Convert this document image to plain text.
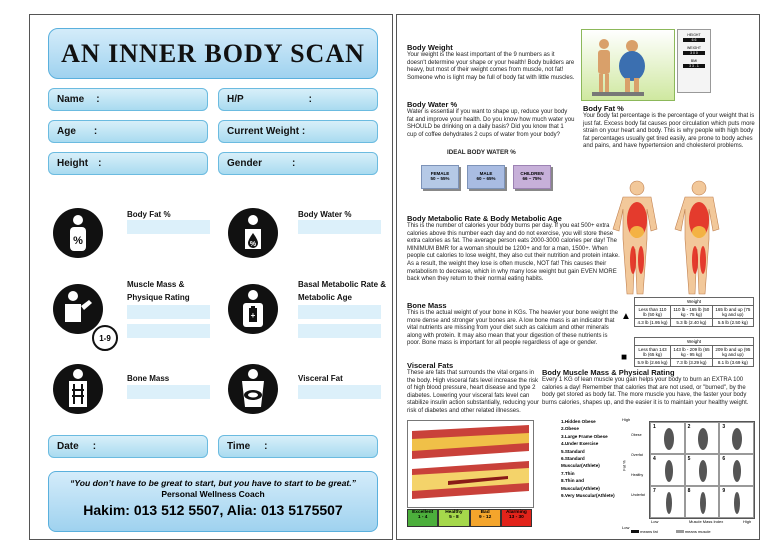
AN INNER BODY SCAN
Name :	H/P	:
Age :	Current Weight :
Height :	Gender	:
%
Body Fat %
%
Body Water %
1-9
Muscle Mass &
Physique Rating
+
Basal Metabolic Rate &
Metabolic Age
Bone Mass	Visceral Fat
Date :	Time :
“You don’t have to be great to start, but you have to start to be great.”
Personal Wellness Coach
Hakim: 013 512 5507, Alia: 013 5175507
Body Weight
Your weight is the least important of the 9 numbers as it doesn't determine your shape or your health! Body builders are heavy, but most of their weight comes from muscle, not fat! Someone who is light may be full of body fat with little muscles.
Body Water %
Water is essential if you want to shape up, reduce your body fat and improve your health. Do you know how much water you SHOULD be drinking on a daily basis? Did you know that 1 cup of coffee dehydrates 2 cups of water from your body?
IDEAL BODY WATER %
FEMALE
50 – 55%
MALE
60 – 65%
CHILDREN
66 – 75%
HEIGHT
6 6
WEIGHT
3 0 0
BMI
3 3 . 1
Body Fat %
Your body fat percentage is the percentage of your weight that is just fat. Excess body fat causes poor circulation which puts more strain on your heart and body. This is why people with high body fat percentages usually get tired easily, are prone to body aches and pains, and have hypertension and cholesterol problems.
Body Metabolic Rate & Body Metabolic Age
This is the number of calories your body burns per day. If you eat 500+ extra calories above this number each day and do not exercise, you will store these extra calories as fat. The average person eats 2000-3000 calories per day! The MINIMUM BMR for a woman should be 1200+ and for a man, 1500+. When people cut calories to lose weight, they also cut their nutrition and protein intake. As a result, the weight they lose is often muscle, NOT fat! This causes their metabolism to decrease, which in why many lose weight but gain EVEN MORE back when they return to their normal eating habits.
Bone Mass
This is the actual weight of your bone in KGs. The heavier your bone weight the more dense and stronger your bones are. A low bone mass is an indicator that vital nutrients are missing from your diet such as calcium and other minerals along with protein. It may also mean that your digestion of these nutrients is poor. Bone mass is important for all people regardless of age or gender.
▲
Weight		
Less than 110 lb (50 kg)	110 lb - 165 lb (50 kg - 75 kg)	165 lb and up (75 kg and up)
4.3 lb (1.95 kg)	5.3 lb (2.40 kg)	5.5 lb (2.50 kg)
■
Weight		
Less than 143 lb (65 kg)	143 lb - 209 lb (65 kg - 95 kg)	209 lb and up (95 kg and up)
5.9 lb (2.66 kg)	7.3 lb (3.29 kg)	8.1 lb (3.69 kg)
Visceral Fats
These are fats that surrounds the vital organs in the body. High visceral fats level increase the risk of high blood pressure, heart disease and type 2 diabetes. Lowering your visceral fats level can stabilize insulin action substantially, reducing your risk of diabetes and other related illnesses.
Body Muscle Mass & Physical Rating
Every 1 KG of lean muscle you gain helps your body to burn an EXTRA 100 calories a day! Remember that calories that are not used, or "burned", by the body get stored as body fat. The more muscle you have, the faster your body burns calories, shapes up, and the easier it is to maintain your healthy weight.
Excellent
1 - 4
Healthy
5 - 8
Bad
9 - 12
Alarming
13 - 30
1.Hidden Obese
2.Obese
3.Large Frame Obese
4.Under Exercise
5.Standard
6.Standard Muscular(Athlete)
7.Thin
8.Thin and Muscular(Athlete)
9.Very Muscular(Athlete)
High
Low
Fat %
Obese
Overfat
Healthy
Underfat
1	2	3
4	5	6
7	8	9
Low	Muscle Mass Index	High
means fat	means muscle
